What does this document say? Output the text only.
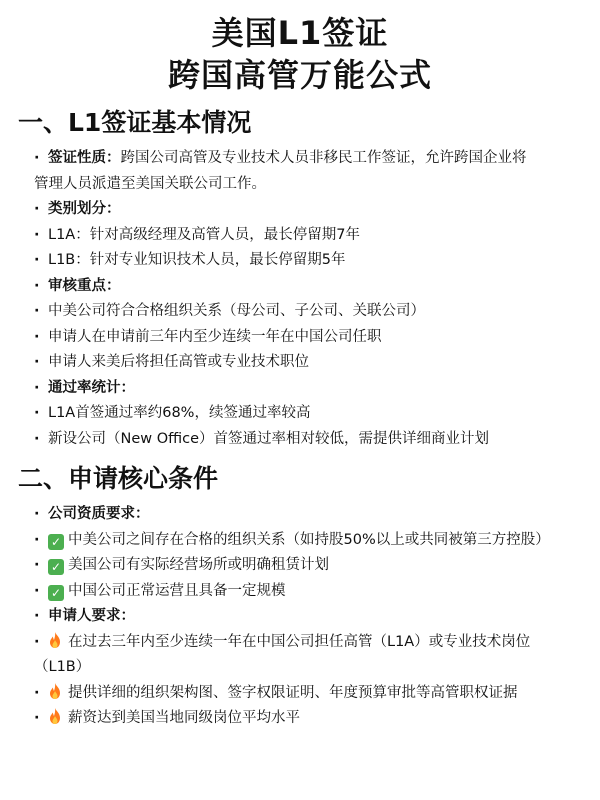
美国L1签证
跨国高管万能公式
一、L1签证基本情况
· 签证性质：跨国公司高管及专业技术人员非移民工作签证，允许跨国企业将
管理人员派遣至美国关联公司工作。
· 类别划分：
· L1A：针对高级经理及高管人员，最长停留期7年
· L1B：针对专业知识技术人员，最长停留期5年
· 审核重点：
· 中美公司符合合格组织关系（母公司、子公司、关联公司）
· 申请人在申请前三年内至少连续一年在中国公司任职
· 申请人来美后将担任高管或专业技术职位
· 通过率统计：
· L1A首签通过率约68%，续签通过率较高
· 新设公司（New Office）首签通过率相对较低，需提供详细商业计划
二、申请核心条件
· 公司资质要求：
· ✓ 中美公司之间存在合格的组织关系（如持股50%以上或共同被第三方控股）
· ✓ 美国公司有实际经营场所或明确租赁计划
· ✓ 中国公司正常运营且具备一定规模
· 申请人要求：
· 在过去三年内至少连续一年在中国公司担任高管（L1A）或专业技术岗位
（L1B）
· 提供详细的组织架构图、签字权限证明、年度预算审批等高管职权证据
· 薪资达到美国当地同级岗位平均水平
